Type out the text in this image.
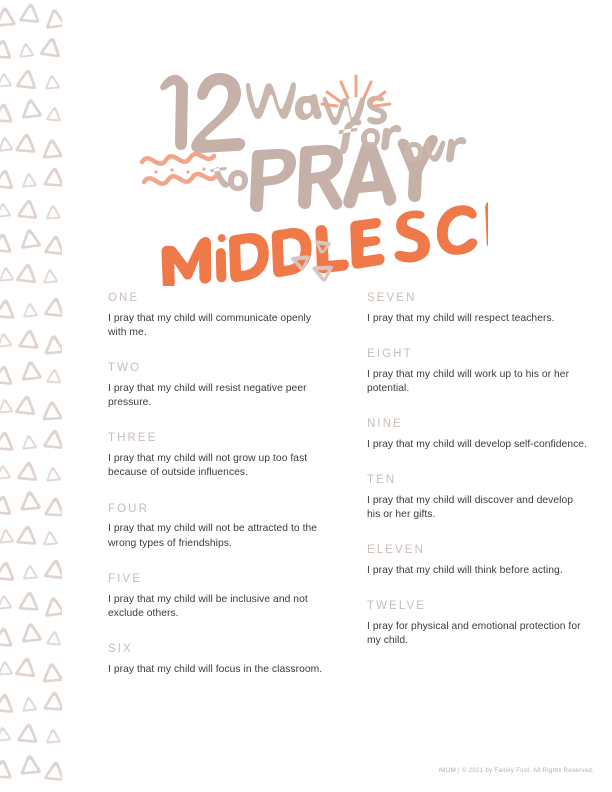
ONE

I pray that my child will communicate openly with me.

TWO

I pray that my child will resist negative peer pressure.

THREE

I pray that my child will not grow up too fast because of outside influences.

FOUR

I pray that my child will not be attracted to the wrong types of friendships.

FIVE

I pray that my child will be inclusive and not exclude others.

SIX

I pray that my child will focus in the classroom.

SEVEN

I pray that my child will respect teachers.

EIGHT

I pray that my child will work up to his or her potential.

NINE

I pray that my child will develop self-confidence.

TEN

I pray that my child will discover and develop his or her gifts.

ELEVEN

I pray that my child will think before acting.

TWELVE

I pray for physical and emotional protection for my child.

iMOM | © 2021 by Family First. All Rights Reserved.
